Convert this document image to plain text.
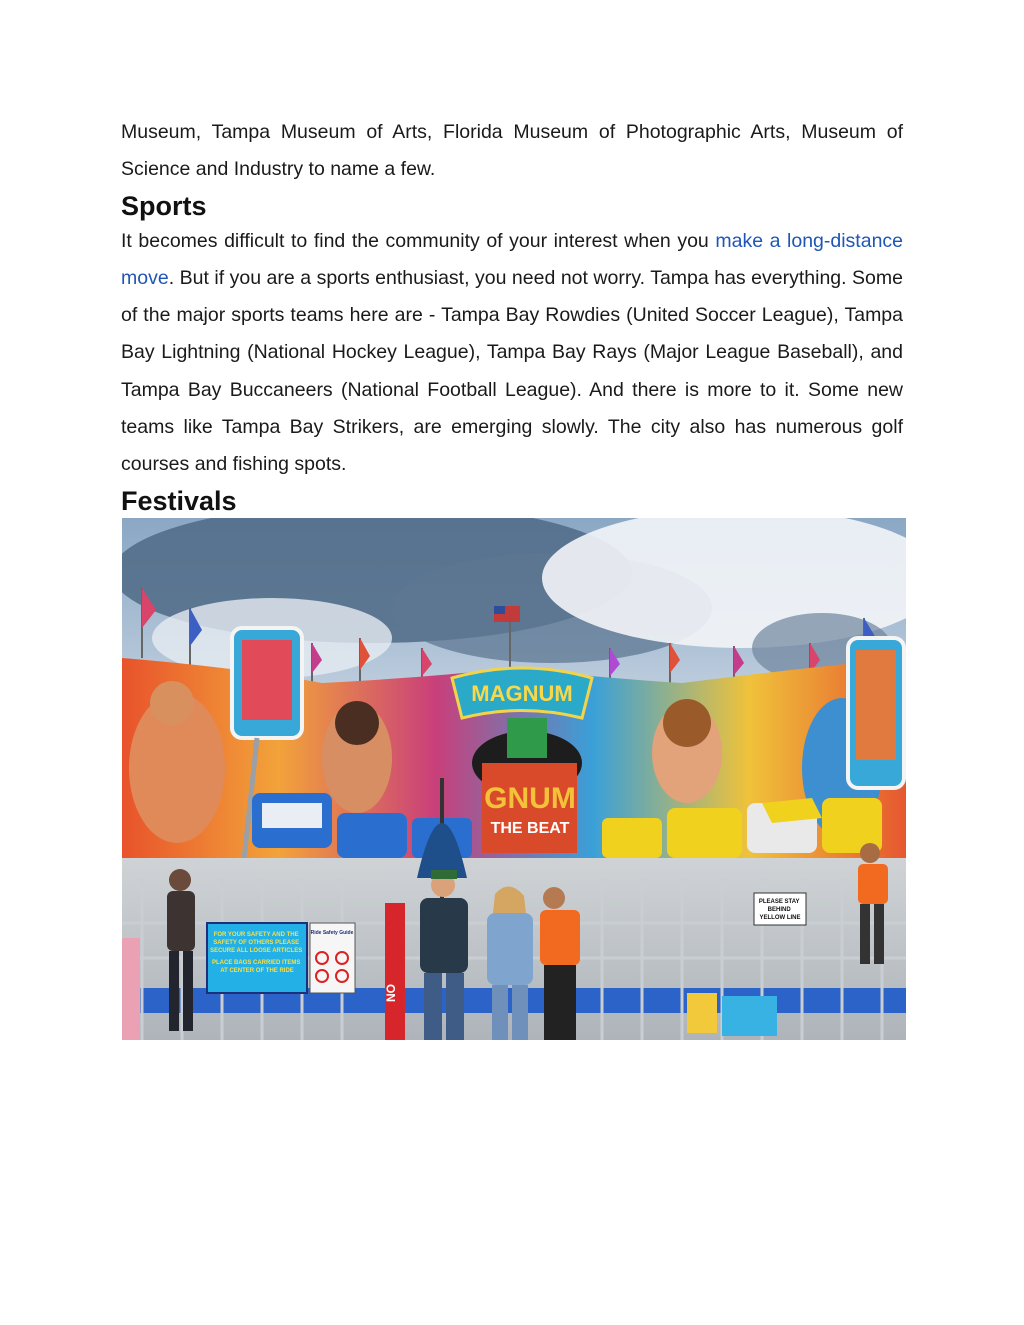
Museum, Tampa Museum of Arts, Florida Museum of Photographic Arts, Museum of Science and Industry to name a few.

Sports

It becomes difficult to find the community of your interest when you make a long-distance move. But if you are a sports enthusiast, you need not worry. Tampa has everything. Some of the major sports teams here are - Tampa Bay Rowdies (United Soccer League), Tampa Bay Lightning (National Hockey League), Tampa Bay Rays (Major League Baseball), and Tampa Bay Buccaneers (National Football League). And there is more to it. Some new teams like Tampa Bay Strikers, are emerging slowly. The city also has numerous golf courses and fishing spots.

Festivals
MAGNUM
GNUM
THE BEAT
FOR YOUR SAFETY AND THE SAFETY OF OTHERS PLEASE SECURE ALL LOOSE ARTICLES PLACE BAGS CARRIED ITEMS AT CENTER OF THE RIDE
Ride Safety Guide
PLEASE STAY BEHIND YELLOW LINE
NO
